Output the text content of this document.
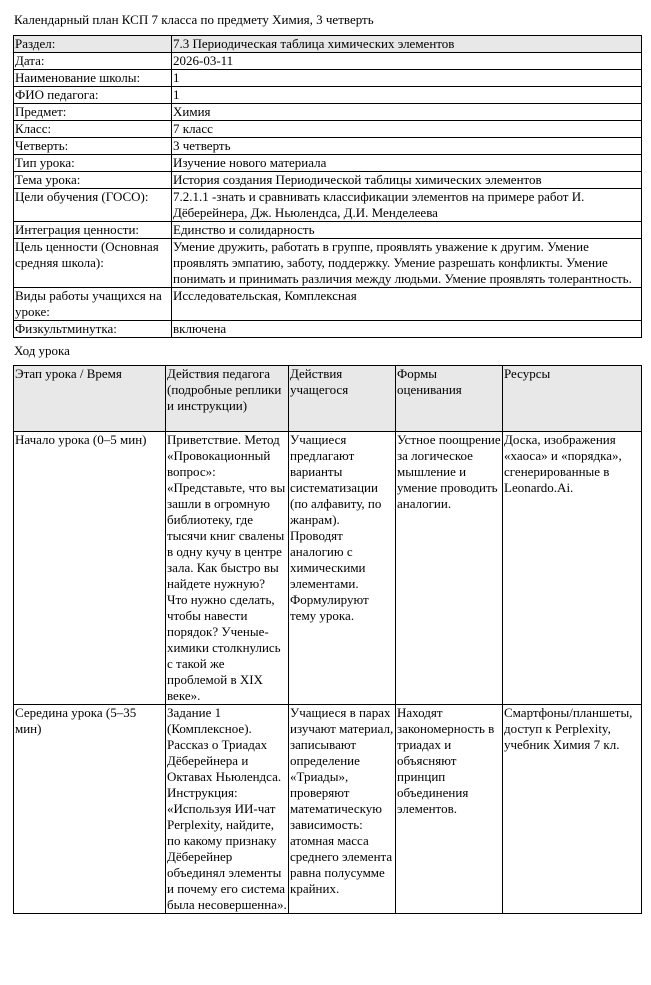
Календарный план КСП 7 класса по предмету Химия, 3 четверть
Раздел:	7.3 Периодическая таблица химических элементов
Дата:	2026-03-11
Наименование школы:	1
ФИО педагога:	1
Предмет:	Химия
Класс:	7 класс
Четверть:	3 четверть
Тип урока:	Изучение нового материала
Тема урока:	История создания Периодической таблицы химических элементов
Цели обучения (ГОСО):	7.2.1.1 -знать и сравнивать классификации элементов на примере работ И. Дёберейнера, Дж. Ньюлендса, Д.И. Менделеева
Интеграция ценности:	Единство и солидарность
Цель ценности (Основная средняя школа):	Умение дружить, работать в группе, проявлять уважение к другим. Умение проявлять эмпатию, заботу, поддержку. Умение разрешать конфликты. Умение понимать и принимать различия между людьми. Умение проявлять толерантность.
Виды работы учащихся на уроке:	Исследовательская, Комплексная
Физкультминутка:	включена
Ход урока
Этап урока / Время	Действия педагога (подробные реплики и инструкции)	Действия учащегося	Формы оценивания	Ресурсы
Начало урока (0–5 мин)	Приветствие. Метод «Провокационный вопрос»: «Представьте, что вы зашли в огромную библиотеку, где тысячи книг свалены в одну кучу в центре зала. Как быстро вы найдете нужную? Что нужно сделать, чтобы навести порядок? Ученые-химики столкнулись с такой же проблемой в XIX веке».	Учащиеся предлагают варианты систематизации (по алфавиту, по жанрам). Проводят аналогию с химическими элементами. Формулируют тему урока.	Устное поощрение за логическое мышление и умение проводить аналогии.	Доска, изображения «хаоса» и «порядка», сгенерированные в Leonardo.Ai.
Середина урока (5–35 мин)	Задание 1 (Комплексное). Рассказ о Триадах Дёберейнера и Октавах Ньюлендса. Инструкция: «Используя ИИ-чат Perplexity, найдите, по какому признаку Дёберейнер объединял элементы и почему его система была несовершенна».	Учащиеся в парах изучают материал, записывают определение «Триады», проверяют математическую зависимость: атомная масса среднего элемента равна полусумме крайних.	Находят закономерность в триадах и объясняют принцип объединения элементов.	Смартфоны/планшеты, доступ к Perplexity, учебник Химия 7 кл.
